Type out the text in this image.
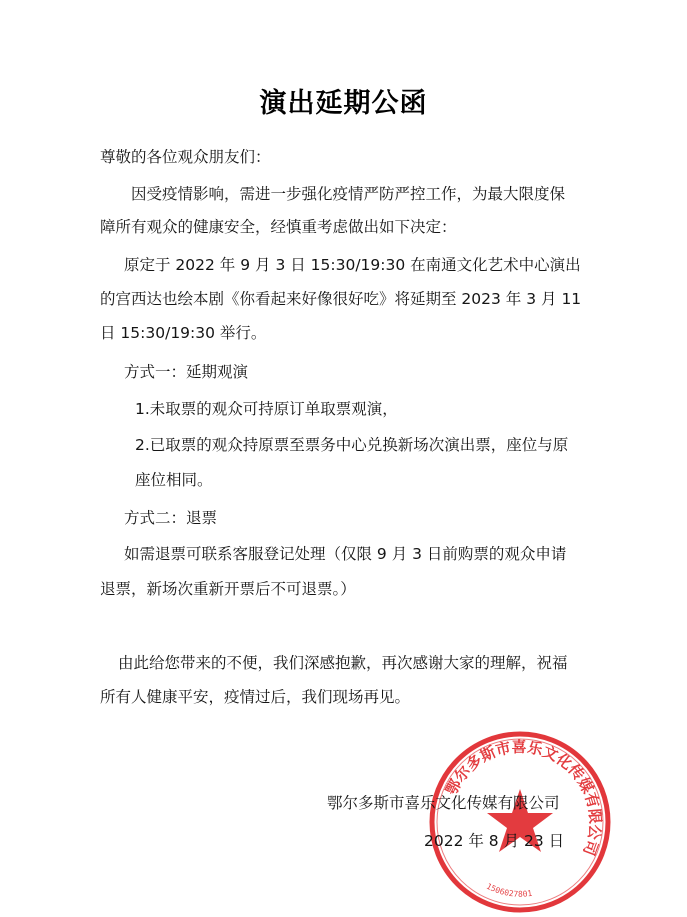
演出延期公函
尊敬的各位观众朋友们：
因受疫情影响，需进一步强化疫情严防严控工作，为最大限度保
障所有观众的健康安全，经慎重考虑做出如下决定：
原定于 2022 年 9 月 3 日 15:30/19:30 在南通文化艺术中心演出
的宫西达也绘本剧《你看起来好像很好吃》将延期至 2023 年 3 月 11
日 15:30/19:30 举行。
方式一：延期观演
1.未取票的观众可持原订单取票观演，
2.已取票的观众持原票至票务中心兑换新场次演出票，座位与原
座位相同。
方式二：退票
如需退票可联系客服登记处理（仅限 9 月 3 日前购票的观众申请
退票，新场次重新开票后不可退票。）
由此给您带来的不便，我们深感抱歉，再次感谢大家的理解，祝福
所有人健康平安，疫情过后，我们现场再见。
鄂尔多斯市喜乐文化传媒有限公司
1506027801
鄂尔多斯市喜乐文化传媒有限公司
2022 年 8 月 23 日
